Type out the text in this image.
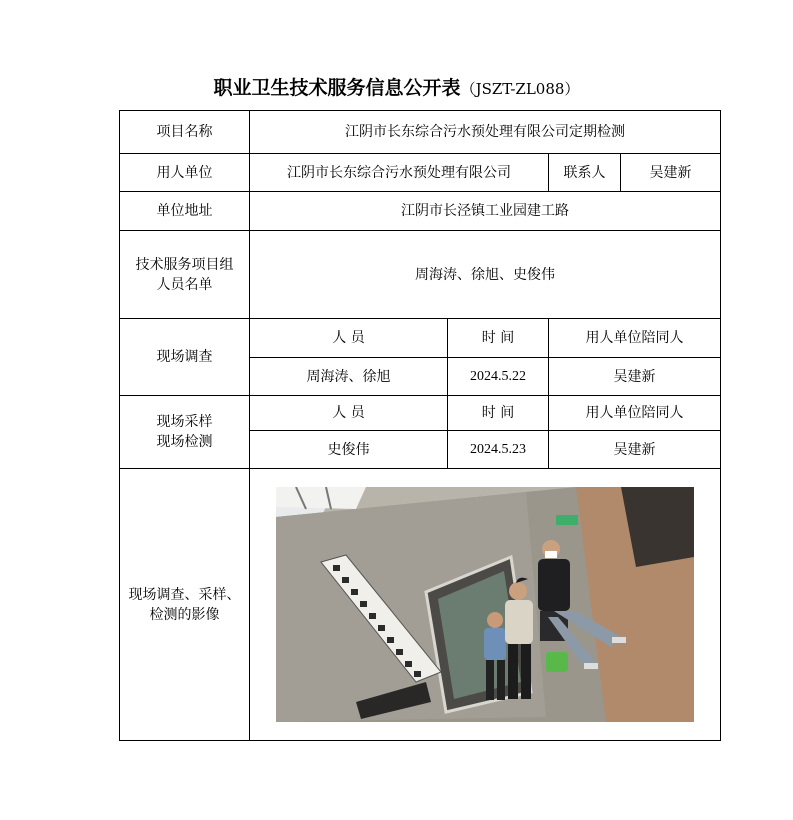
职业卫生技术服务信息公开表（JSZT-ZL088）
项目名称	江阴市长东综合污水预处理有限公司定期检测			
用人单位	江阴市长东综合污水预处理有限公司		联系人	吴建新
单位地址	江阴市长泾镇工业园建工路			

技术服务项目组
人员名单	周海涛、徐旭、史俊伟			
现场调查	人 员	时 间	用人单位陪同人	
	周海涛、徐旭	2024.5.22	吴建新	

现场采样
现场检测	人 员	时 间	用人单位陪同人	
	史俊伟	2024.5.23	吴建新	

现场调查、采样、
检测的影像
